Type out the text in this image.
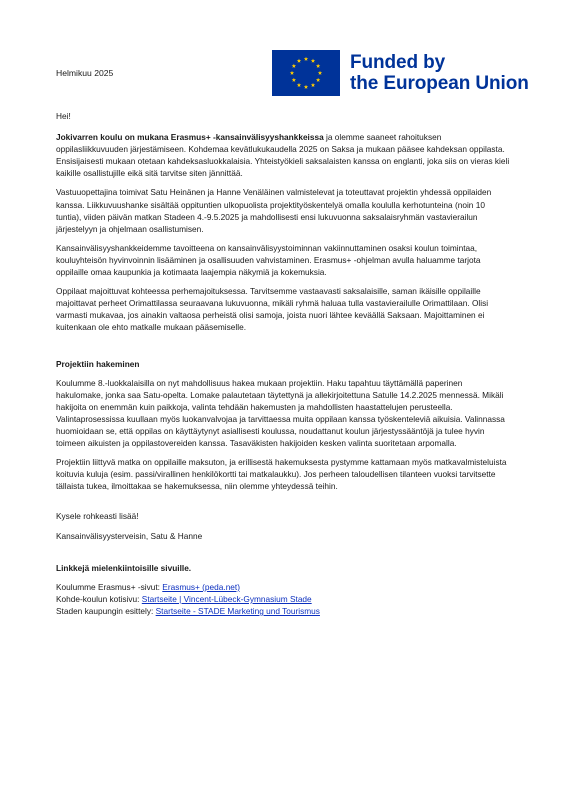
Helmikuu 2025	Funded by
the European Union

Hei!

Jokivarren koulu on mukana Erasmus+ -kansainvälisyyshankkeissa ja olemme saaneet rahoituksen oppilasliikkuvuuden järjestämiseen. Kohdemaa kevätlukukaudella 2025 on Saksa ja mukaan pääsee kahdeksan oppilasta. Ensisijaisesti mukaan otetaan kahdeksasluokkalaisia. Yhteistyökieli saksalaisten kanssa on englanti, joka siis on vieras kieli kaikille osallistujille eikä sitä tarvitse siten jännittää.

Vastuuopettajina toimivat Satu Heinänen ja Hanne Venäläinen valmistelevat ja toteuttavat projektin yhdessä oppilaiden kanssa. Liikkuvuushanke sisältää oppituntien ulkopuolista projektityöskentelyä omalla koululla kerhotunteina (noin 10 tuntia), viiden päivän matkan Stadeen 4.-9.5.2025 ja mahdollisesti ensi lukuvuonna saksalaisryhmän vastavierailun järjestelyyn ja ohjelmaan osallistumisen.

Kansainvälisyyshankkeidemme tavoitteena on kansainvälisyystoiminnan vakiinnuttaminen osaksi koulun toimintaa, kouluyhteisön hyvinvoinnin lisääminen ja osallisuuden vahvistaminen. Erasmus+ -ohjelman avulla haluamme tarjota oppilaille omaa kaupunkia ja kotimaata laajempia näkymiä ja kokemuksia.

Oppilaat majoittuvat kohteessa perhemajoituksessa. Tarvitsemme vastaavasti saksalaisille, saman ikäisille oppilaille majoittavat perheet Orimattilassa seuraavana lukuvuonna, mikäli ryhmä haluaa tulla vastavierailulle Orimattilaan. Olisi varmasti mukavaa, jos ainakin valtaosa perheistä olisi samoja, joista nuori lähtee keväällä Saksaan. Majoittaminen ei kuitenkaan ole ehto matkalle mukaan pääsemiselle.

Projektiin hakeminen

Koulumme 8.-luokkalaisilla on nyt mahdollisuus hakea mukaan projektiin. Haku tapahtuu täyttämällä paperinen hakulomake, jonka saa Satu-opelta. Lomake palautetaan täytettynä ja allekirjoitettuna Satulle 14.2.2025 mennessä. Mikäli hakijoita on enemmän kuin paikkoja, valinta tehdään hakemusten ja mahdollisten haastattelujen perusteella. Valintaprosessissa kuullaan myös luokanvalvojaa ja tarvittaessa muita oppilaan kanssa työskenteleviä aikuisia. Valinnassa huomioidaan se, että oppilas on käyttäytynyt asiallisesti koulussa, noudattanut koulun järjestyssääntöjä ja tulee hyvin toimeen aikuisten ja oppilastovereiden kanssa. Tasaväkisten hakijoiden kesken valinta suoritetaan arpomalla.

Projektiin liittyvä matka on oppilaille maksuton, ja erillisestä hakemuksesta pystymme kattamaan myös matkavalmisteluista koituvia kuluja (esim. passi/virallinen henkilökortti tai matkalaukku). Jos perheen taloudellisen tilanteen vuoksi tarvitsette tällaista tukea, ilmoittakaa se hakemuksessa, niin olemme yhteydessä teihin.

Kysele rohkeasti lisää!

Kansainvälisyysterveisin, Satu & Hanne

Linkkejä mielenkiintoisille sivuille.

Koulumme Erasmus+ -sivut: Erasmus+ (peda.net)

Kohde-koulun kotisivu: Startseite | Vincent-Lübeck-Gymnasium Stade

Staden kaupungin esittely: Startseite - STADE Marketing und Tourismus
